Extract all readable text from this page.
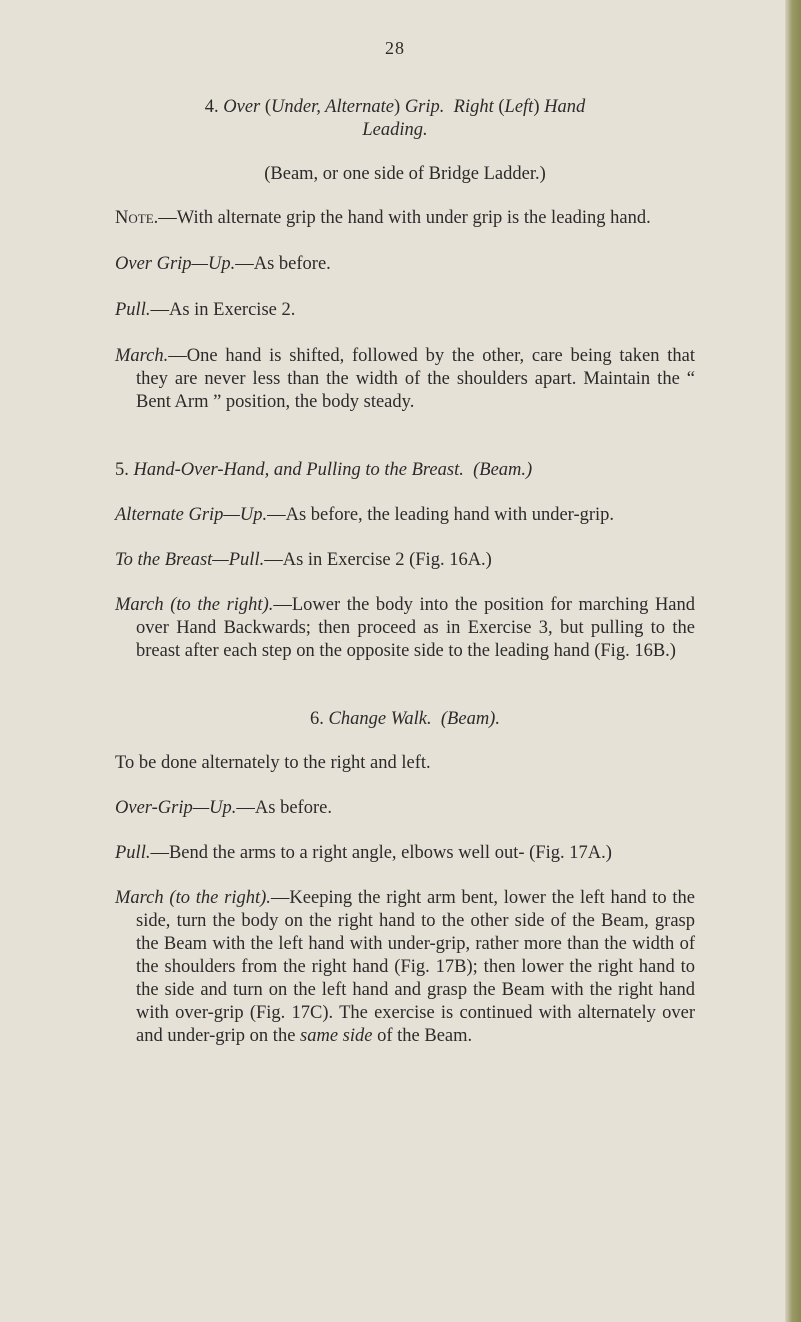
28

4. Over (Under, Alternate) Grip. Right (Left) Hand
Leading.

(Beam, or one side of Bridge Ladder.)

Note.—With alternate grip the hand with under grip is the leading hand.

Over Grip—Up.—As before.

Pull.—As in Exercise 2.

March.—One hand is shifted, followed by the other, care being taken that they are never less than the width of the shoulders apart. Maintain the “ Bent Arm ” position, the body steady.

5. Hand-Over-Hand, and Pulling to the Breast. (Beam.)

Alternate Grip—Up.—As before, the leading hand with under-grip.

To the Breast—Pull.—As in Exercise 2 (Fig. 16A.)

March (to the right).—Lower the body into the position for marching Hand over Hand Backwards; then proceed as in Exercise 3, but pulling to the breast after each step on the opposite side to the leading hand (Fig. 16B.)

6. Change Walk. (Beam).

To be done alternately to the right and left.

Over-Grip—Up.—As before.

Pull.—Bend the arms to a right angle, elbows well out- (Fig. 17A.)

March (to the right).—Keeping the right arm bent, lower the left hand to the side, turn the body on the right hand to the other side of the Beam, grasp the Beam with the left hand with under-grip, rather more than the width of the shoulders from the right hand (Fig. 17B); then lower the right hand to the side and turn on the left hand and grasp the Beam with the right hand with over-grip (Fig. 17C). The exercise is continued with alternately over and under-grip on the same side of the Beam.
